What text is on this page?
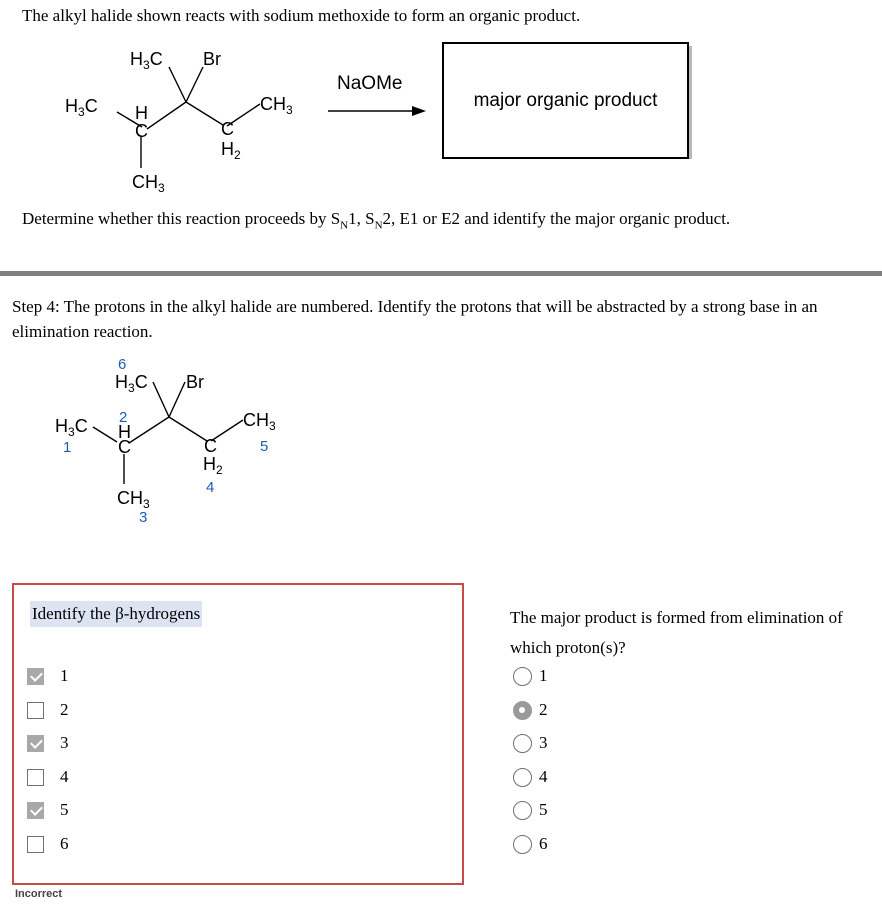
The alkyl halide shown reacts with sodium methoxide to form an organic product.
$H_3C$ Br
$H_3C$ H
C	C
$H_2$
$CH_3$
$CH_3$
NaOMe
major organic product
Determine whether this reaction proceeds by $S_N1$, $S_N2$, E1 or E2 and identify the major organic product.
Step 4: The protons in the alkyl halide are numbered. Identify the protons that will be abstracted by a strong base in an elimination reaction.
6
$H_3C$ Br
$H_3C$
1
2
H
C	C
$H_2$
4
$CH_3$
5
$CH_3$
3
Identify the β-hydrogens
1
2
3
4
5
6
Incorrect
The major product is formed from elimination of which proton(s)?
1
2
3
4
5
6
